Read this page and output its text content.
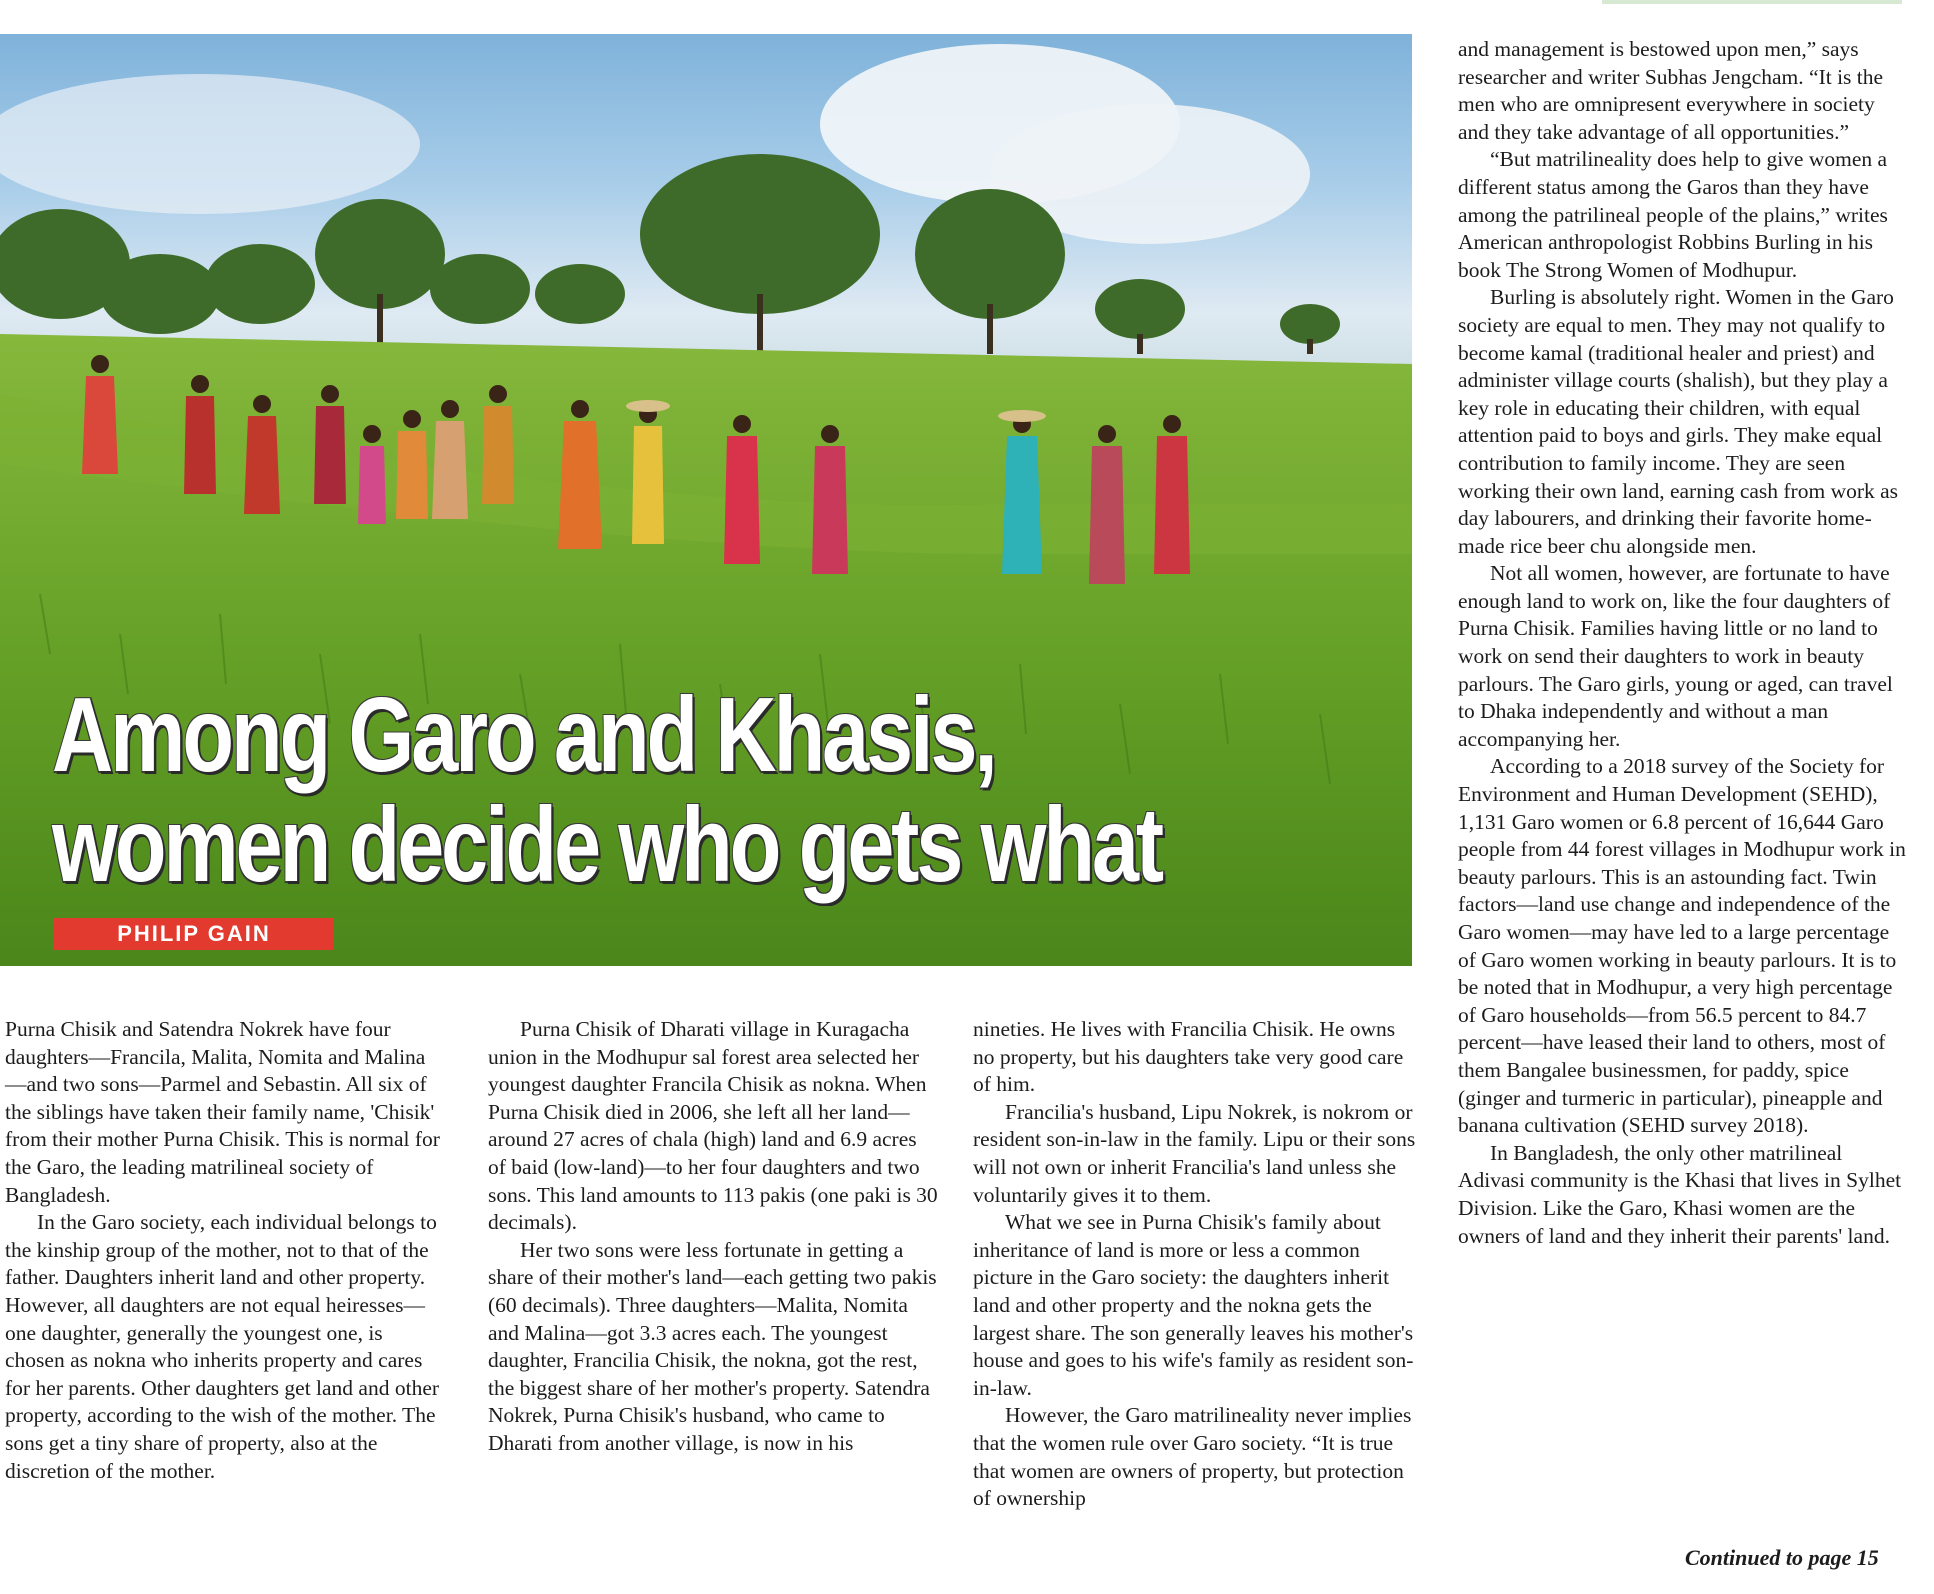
Among Garo and Khasis,
women decide who gets what
PHILIP GAIN

Purna Chisik and Satendra Nokrek have four daughters—Francila, Malita, Nomita and Malina—and two sons—Parmel and Sebastin. All six of the siblings have taken their family name, 'Chisik' from their mother Purna Chisik. This is normal for the Garo, the leading matrilineal society of Bangladesh.

In the Garo society, each individual belongs to the kinship group of the mother, not to that of the father. Daughters inherit land and other property. However, all daughters are not equal heiresses—one daughter, generally the youngest one, is chosen as nokna who inherits property and cares for her parents. Other daughters get land and other property, according to the wish of the mother. The sons get a tiny share of property, also at the discretion of the mother.

Purna Chisik of Dharati village in Kuragacha union in the Modhupur sal forest area selected her youngest daughter Francila Chisik as nokna. When Purna Chisik died in 2006, she left all her land—around 27 acres of chala (high) land and 6.9 acres of baid (low-land)—to her four daughters and two sons. This land amounts to 113 pakis (one paki is 30 decimals).

Her two sons were less fortunate in getting a share of their mother's land—each getting two pakis (60 decimals). Three daughters—Malita, Nomita and Malina—got 3.3 acres each. The youngest daughter, Francilia Chisik, the nokna, got the rest, the biggest share of her mother's property. Satendra Nokrek, Purna Chisik's husband, who came to Dharati from another village, is now in his

nineties. He lives with Francilia Chisik. He owns no property, but his daughters take very good care of him.

Francilia's husband, Lipu Nokrek, is nokrom or resident son-in-law in the family. Lipu or their sons will not own or inherit Francilia's land unless she voluntarily gives it to them.

What we see in Purna Chisik's family about inheritance of land is more or less a common picture in the Garo society: the daughters inherit land and other property and the nokna gets the largest share. The son generally leaves his mother's house and goes to his wife's family as resident son-in-law.

However, the Garo matrilineality never implies that the women rule over Garo society. “It is true that women are owners of property, but protection of ownership

and management is bestowed upon men,” says researcher and writer Subhas Jengcham. “It is the men who are omnipresent everywhere in society and they take advantage of all opportunities.”

“But matrilineality does help to give women a different status among the Garos than they have among the patrilineal people of the plains,” writes American anthropologist Robbins Burling in his book The Strong Women of Modhupur.

Burling is absolutely right. Women in the Garo society are equal to men. They may not qualify to become kamal (traditional healer and priest) and administer village courts (shalish), but they play a key role in educating their children, with equal attention paid to boys and girls. They make equal contribution to family income. They are seen working their own land, earning cash from work as day labourers, and drinking their favorite home-made rice beer chu alongside men.

Not all women, however, are fortunate to have enough land to work on, like the four daughters of Purna Chisik. Families having little or no land to work on send their daughters to work in beauty parlours. The Garo girls, young or aged, can travel to Dhaka independently and without a man accompanying her.

According to a 2018 survey of the Society for Environment and Human Development (SEHD), 1,131 Garo women or 6.8 percent of 16,644 Garo people from 44 forest villages in Modhupur work in beauty parlours. This is an astounding fact. Twin factors—land use change and independence of the Garo women—may have led to a large percentage of Garo women working in beauty parlours. It is to be noted that in Modhupur, a very high percentage of Garo households—from 56.5 percent to 84.7 percent—have leased their land to others, most of them Bangalee businessmen, for paddy, spice (ginger and turmeric in particular), pineapple and banana cultivation (SEHD survey 2018).

In Bangladesh, the only other matrilineal Adivasi community is the Khasi that lives in Sylhet Division. Like the Garo, Khasi women are the owners of land and they inherit their parents' land.

Continued to page 15
